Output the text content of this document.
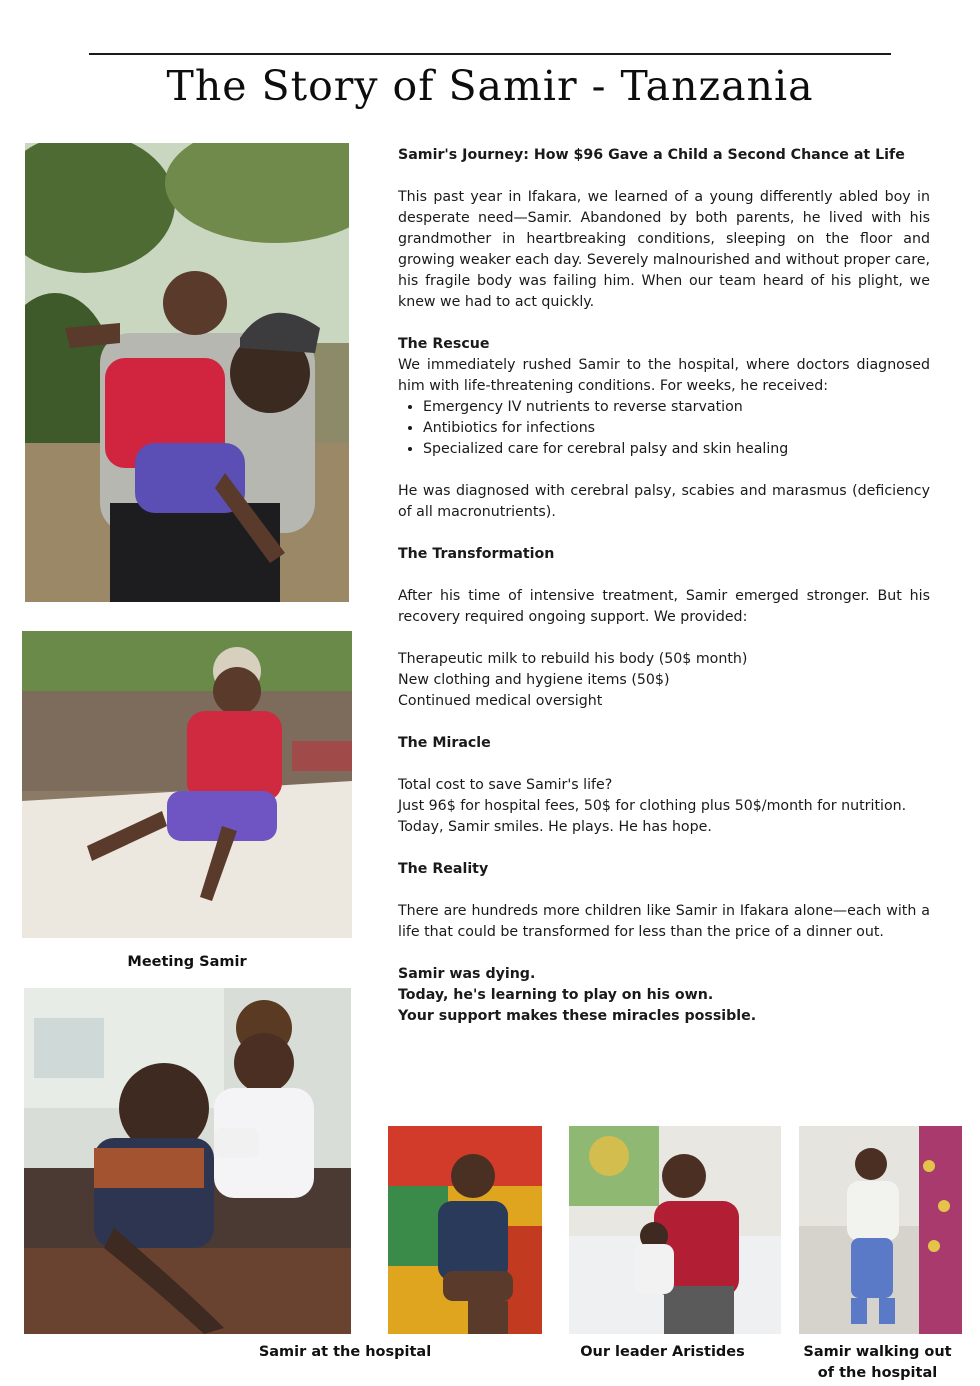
The Story of Samir - Tanzania
Meeting Samir
Samir at the hospital	Our leader Aristides	Samir walking out
of the hospital

Samir's Journey: How $96 Gave a Child a Second Chance at Life

This past year in Ifakara, we learned of a young differently abled boy in desperate need—Samir. Abandoned by both parents, he lived with his grandmother in heartbreaking conditions, sleeping on the floor and growing weaker each day. Severely malnourished and without proper care, his fragile body was failing him. When our team heard of his plight, we knew we had to act quickly.

The Rescue

We immediately rushed Samir to the hospital, where doctors diagnosed him with life-threatening conditions. For weeks, he received:

• Emergency IV nutrients to reverse starvation
• Antibiotics for infections
• Specialized care for cerebral palsy and skin healing

He was diagnosed with cerebral palsy, scabies and marasmus (deficiency of all macronutrients).

The Transformation

After his time of intensive treatment, Samir emerged stronger. But his recovery required ongoing support. We provided:

Therapeutic milk to rebuild his body (50$ month)
New clothing and hygiene items (50$)
Continued medical oversight

The Miracle

Total cost to save Samir's life?

Just 96$ for hospital fees, 50$ for clothing plus 50$/month for nutrition.

Today, Samir smiles. He plays. He has hope.

The Reality

There are hundreds more children like Samir in Ifakara alone—each with a life that could be transformed for less than the price of a dinner out.

Samir was dying.
Today, he's learning to play on his own.
Your support makes these miracles possible.
